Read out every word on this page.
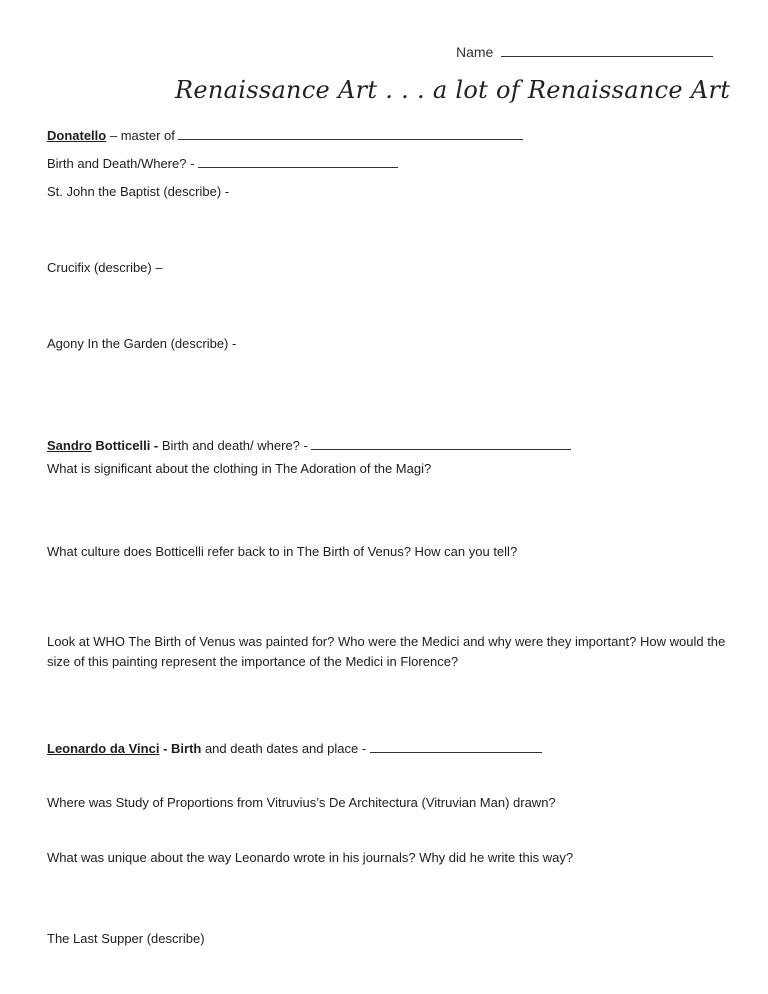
Name
Renaissance Art . . . a lot of Renaissance Art
Donatello – master of
Birth and Death/Where? -
St. John the Baptist (describe) -
Crucifix (describe) –
Agony In the Garden (describe) -
Sandro Botticelli - Birth and death/ where? -
What is significant about the clothing in The Adoration of the Magi?
What culture does Botticelli refer back to in The Birth of Venus? How can you tell?
Look at WHO The Birth of Venus was painted for? Who were the Medici and why were they important? How would the size of this painting represent the importance of the Medici in Florence?
Leonardo da Vinci - Birth and death dates and place -
Where was Study of Proportions from Vitruvius’s De Architectura (Vitruvian Man) drawn?
What was unique about the way Leonardo wrote in his journals? Why did he write this way?
The Last Supper (describe)
